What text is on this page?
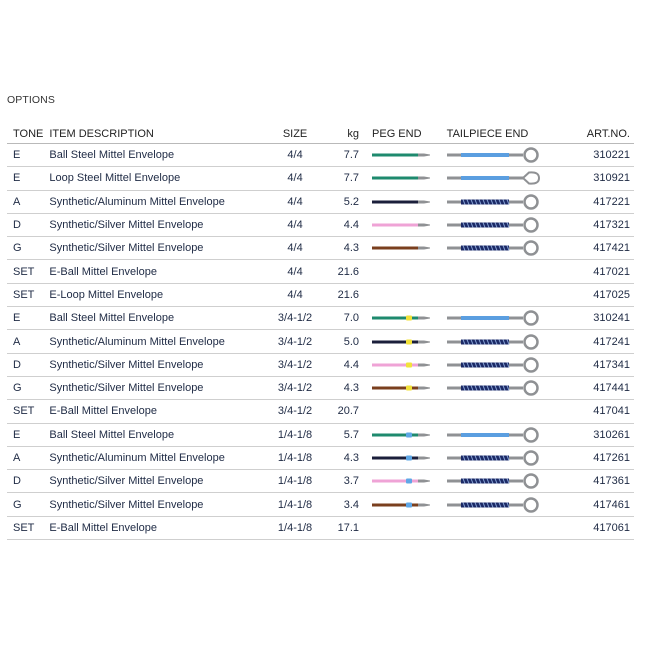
OPTIONS
TONE	ITEM DESCRIPTION	SIZE	kg	PEG END	TAILPIECE END	ART.NO.
E	Ball Steel Mittel Envelope	4/4	7.7			310221
E	Loop Steel Mittel Envelope	4/4	7.7			310921
A	Synthetic/Aluminum Mittel Envelope	4/4	5.2			417221
D	Synthetic/Silver Mittel Envelope	4/4	4.4			417321
G	Synthetic/Silver Mittel Envelope	4/4	4.3			417421
SET	E-Ball Mittel Envelope	4/4	21.6			417021
SET	E-Loop Mittel Envelope	4/4	21.6			417025
E	Ball Steel Mittel Envelope	3/4-1/2	7.0			310241
A	Synthetic/Aluminum Mittel Envelope	3/4-1/2	5.0			417241
D	Synthetic/Silver Mittel Envelope	3/4-1/2	4.4			417341
G	Synthetic/Silver Mittel Envelope	3/4-1/2	4.3			417441
SET	E-Ball Mittel Envelope	3/4-1/2	20.7			417041
E	Ball Steel Mittel Envelope	1/4-1/8	5.7			310261
A	Synthetic/Aluminum Mittel Envelope	1/4-1/8	4.3			417261
D	Synthetic/Silver Mittel Envelope	1/4-1/8	3.7			417361
G	Synthetic/Silver Mittel Envelope	1/4-1/8	3.4			417461
SET	E-Ball Mittel Envelope	1/4-1/8	17.1			417061
